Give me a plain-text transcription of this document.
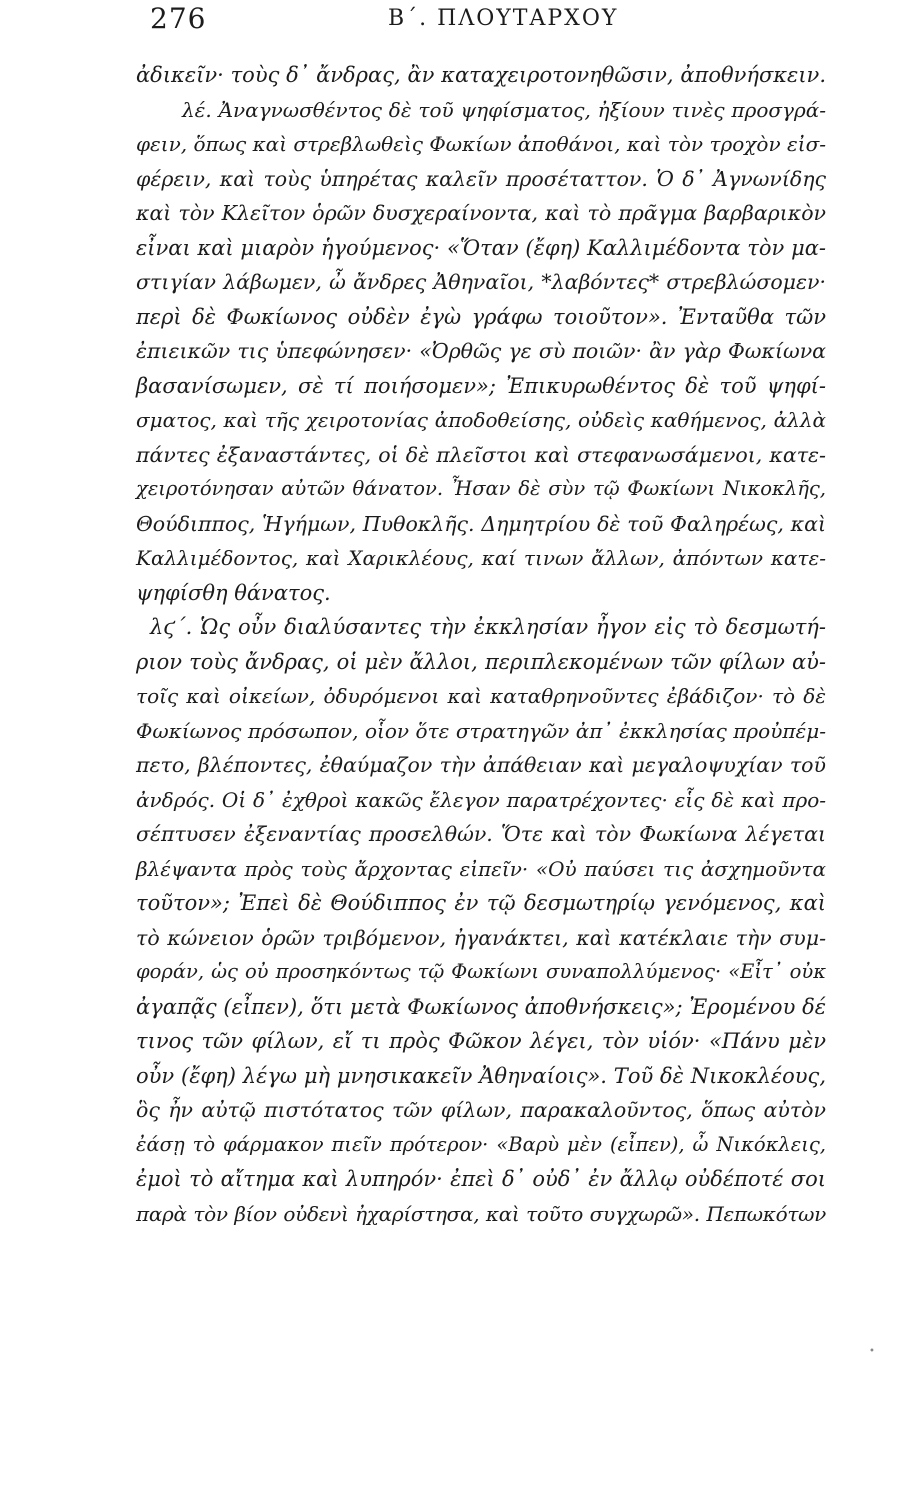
276	Β΄. ΠΛΟΥΤΑΡΧΟΥ
ἀδικεῖν· τοὺς δ᾿ ἄνδρας, ἂν καταχειροτονηθῶσιν, ἀποθνήσκειν.
λέ. Ἀναγνωσθέντος δὲ τοῦ ψηφίσματος, ἠξίουν τινὲς προσγρά-
φειν, ὅπως καὶ στρεβλωθεὶς Φωκίων ἀποθάνοι, καὶ τὸν τροχὸν εἰσ-
φέρειν, καὶ τοὺς ὑπηρέτας καλεῖν προσέταττον. Ὁ δ᾿ Ἀγνωνίδης
καὶ τὸν Κλεῖτον ὁρῶν δυσχεραίνοντα, καὶ τὸ πρᾶγμα βαρβαρικὸν
εἶναι καὶ μιαρὸν ἡγούμενος· «Ὅταν (ἔφη) Καλλιμέδοντα τὸν μα-
στιγίαν λάβωμεν, ὦ ἄνδρες Ἀθηναῖοι, *λαβόντες* στρεβλώσομεν·
περὶ δὲ Φωκίωνος οὐδὲν ἐγὼ γράφω τοιοῦτον». Ἐνταῦθα τῶν
ἐπιεικῶν τις ὑπεφώνησεν· «Ὀρθῶς γε σὺ ποιῶν· ἂν γὰρ Φωκίωνα
βασανίσωμεν, σὲ τί ποιήσομεν»; Ἐπικυρωθέντος δὲ τοῦ ψηφί-
σματος, καὶ τῆς χειροτονίας ἀποδοθείσης, οὐδεὶς καθήμενος, ἀλλὰ
πάντες ἐξαναστάντες, οἱ δὲ πλεῖστοι καὶ στεφανωσάμενοι, κατε-
χειροτόνησαν αὐτῶν θάνατον. Ἦσαν δὲ σὺν τῷ Φωκίωνι Νικοκλῆς,
Θούδιππος, Ἡγήμων, Πυθοκλῆς. Δημητρίου δὲ τοῦ Φαληρέως, καὶ
Καλλιμέδοντος, καὶ Χαρικλέους, καί τινων ἄλλων, ἀπόντων κατε-
ψηφίσθη θάνατος.
λϛ΄. Ὡς οὖν διαλύσαντες τὴν ἐκκλησίαν ἦγον εἰς τὸ δεσμωτή-
ριον τοὺς ἄνδρας, οἱ μὲν ἄλλοι, περιπλεκομένων τῶν φίλων αὐ-
τοῖς καὶ οἰκείων, ὀδυρόμενοι καὶ καταθρηνοῦντες ἐβάδιζον· τὸ δὲ
Φωκίωνος πρόσωπον, οἷον ὅτε στρατηγῶν ἀπ᾿ ἐκκλησίας προὐπέμ-
πετο, βλέποντες, ἐθαύμαζον τὴν ἀπάθειαν καὶ μεγαλοψυχίαν τοῦ
ἀνδρός. Οἱ δ᾿ ἐχθροὶ κακῶς ἔλεγον παρατρέχοντες· εἷς δὲ καὶ προ-
σέπτυσεν ἐξεναντίας προσελθών. Ὅτε καὶ τὸν Φωκίωνα λέγεται
βλέψαντα πρὸς τοὺς ἄρχοντας εἰπεῖν· «Οὐ παύσει τις ἀσχημοῦντα
τοῦτον»; Ἐπεὶ δὲ Θούδιππος ἐν τῷ δεσμωτηρίῳ γενόμενος, καὶ
τὸ κώνειον ὁρῶν τριβόμενον, ἠγανάκτει, καὶ κατέκλαιε τὴν συμ-
φοράν, ὡς οὐ προσηκόντως τῷ Φωκίωνι συναπολλύμενος· «Εἶτ᾿ οὐκ
ἀγαπᾷς (εἶπεν), ὅτι μετὰ Φωκίωνος ἀποθνήσκεις»; Ἐρομένου δέ
τινος τῶν φίλων, εἴ τι πρὸς Φῶκον λέγει, τὸν υἱόν· «Πάνυ μὲν
οὖν (ἔφη) λέγω μὴ μνησικακεῖν Ἀθηναίοις». Τοῦ δὲ Νικοκλέους,
ὃς ἦν αὐτῷ πιστότατος τῶν φίλων, παρακαλοῦντος, ὅπως αὐτὸν
ἐάσῃ τὸ φάρμακον πιεῖν πρότερον· «Βαρὺ μὲν (εἶπεν), ὦ Νικόκλεις,
ἐμοὶ τὸ αἴτημα καὶ λυπηρόν· ἐπεὶ δ᾿ οὐδ᾿ ἐν ἄλλῳ οὐδέποτέ σοι
παρὰ τὸν βίον οὐδενὶ ἠχαρίστησα, καὶ τοῦτο συγχωρῶ». Πεπωκότων
•
